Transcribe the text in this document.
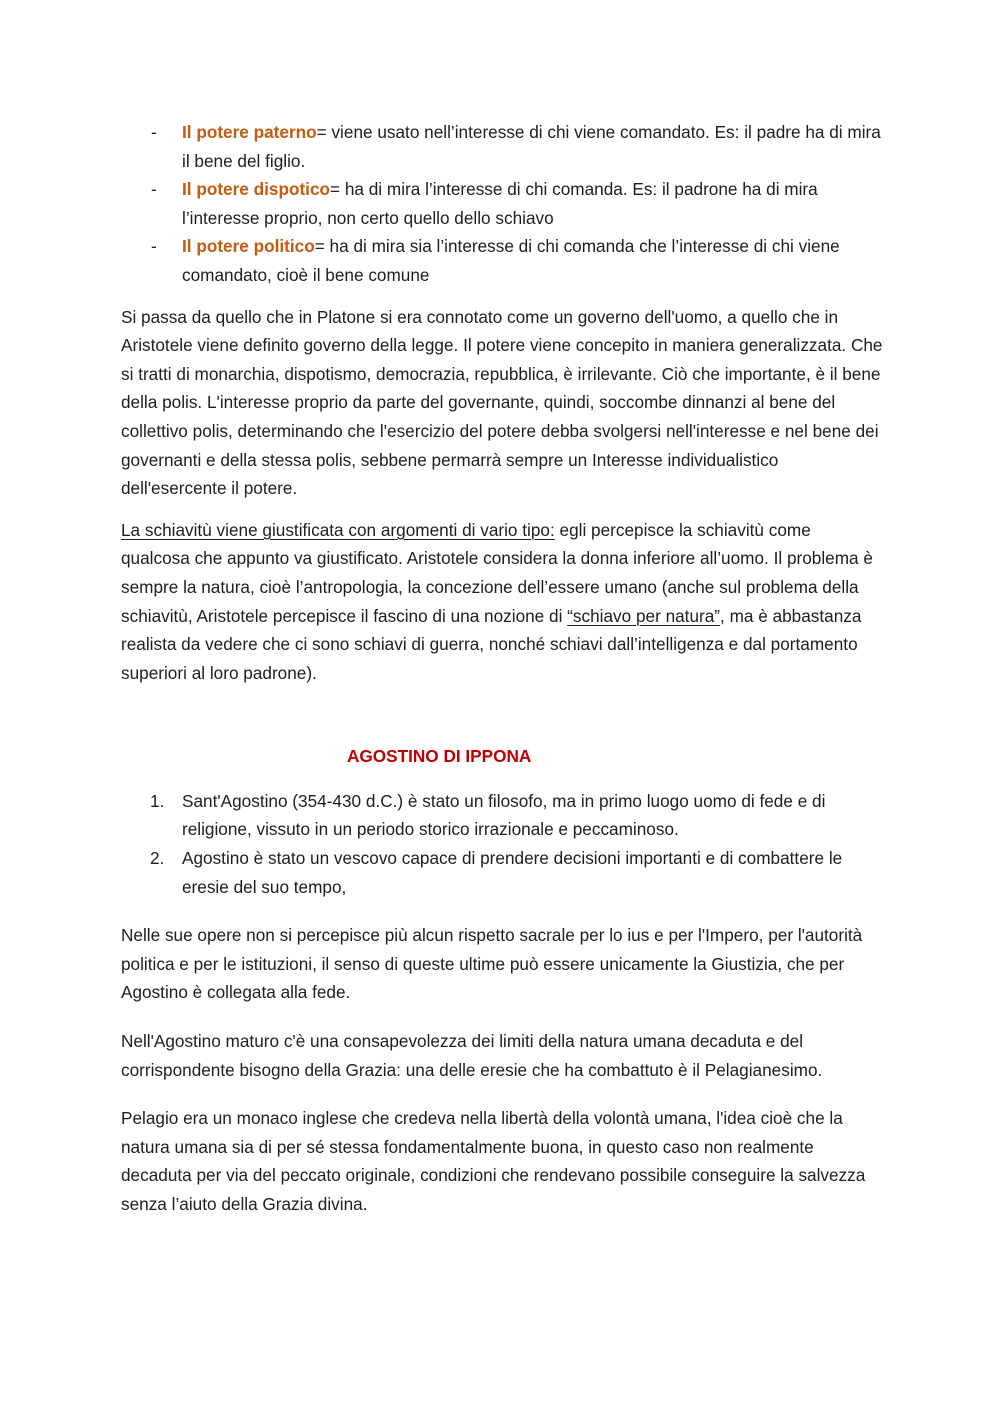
- Il potere paterno= viene usato nell’interesse di chi viene comandato. Es: il padre ha di mira il bene del figlio.
- Il potere dispotico= ha di mira l’interesse di chi comanda. Es: il padrone ha di mira l’interesse proprio, non certo quello dello schiavo
- Il potere politico= ha di mira sia l’interesse di chi comanda che l’interesse di chi viene comandato, cioè il bene comune

Si passa da quello che in Platone si era connotato come un governo dell'uomo, a quello che in Aristotele viene definito governo della legge. Il potere viene concepito in maniera generalizzata. Che si tratti di monarchia, dispotismo, democrazia, repubblica, è irrilevante. Ciò che importante, è il bene della polis. L'interesse proprio da parte del governante, quindi, soccombe dinnanzi al bene del collettivo polis, determinando che l'esercizio del potere debba svolgersi nell'interesse e nel bene dei governanti e della stessa polis, sebbene permarrà sempre un Interesse individualistico dell'esercente il potere.

La schiavitù viene giustificata con argomenti di vario tipo: egli percepisce la schiavitù come qualcosa che appunto va giustificato. Aristotele considera la donna inferiore all’uomo. Il problema è sempre la natura, cioè l’antropologia, la concezione dell’essere umano (anche sul problema della schiavitù, Aristotele percepisce il fascino di una nozione di “schiavo per natura”, ma è abbastanza realista da vedere che ci sono schiavi di guerra, nonché schiavi dall’intelligenza e dal portamento superiori al loro padrone).

AGOSTINO DI IPPONA
1. Sant'Agostino (354-430 d.C.) è stato un filosofo, ma in primo luogo uomo di fede e di religione, vissuto in un periodo storico irrazionale e peccaminoso.
2. Agostino è stato un vescovo capace di prendere decisioni importanti e di combattere le eresie del suo tempo,

Nelle sue opere non si percepisce più alcun rispetto sacrale per lo ius e per l'Impero, per l'autorità politica e per le istituzioni, il senso di queste ultime può essere unicamente la Giustizia, che per Agostino è collegata alla fede.

Nell'Agostino maturo c'è una consapevolezza dei limiti della natura umana decaduta e del corrispondente bisogno della Grazia: una delle eresie che ha combattuto è il Pelagianesimo.

Pelagio era un monaco inglese che credeva nella libertà della volontà umana, l'idea cioè che la natura umana sia di per sé stessa fondamentalmente buona, in questo caso non realmente decaduta per via del peccato originale, condizioni che rendevano possibile conseguire la salvezza senza l’aiuto della Grazia divina.
